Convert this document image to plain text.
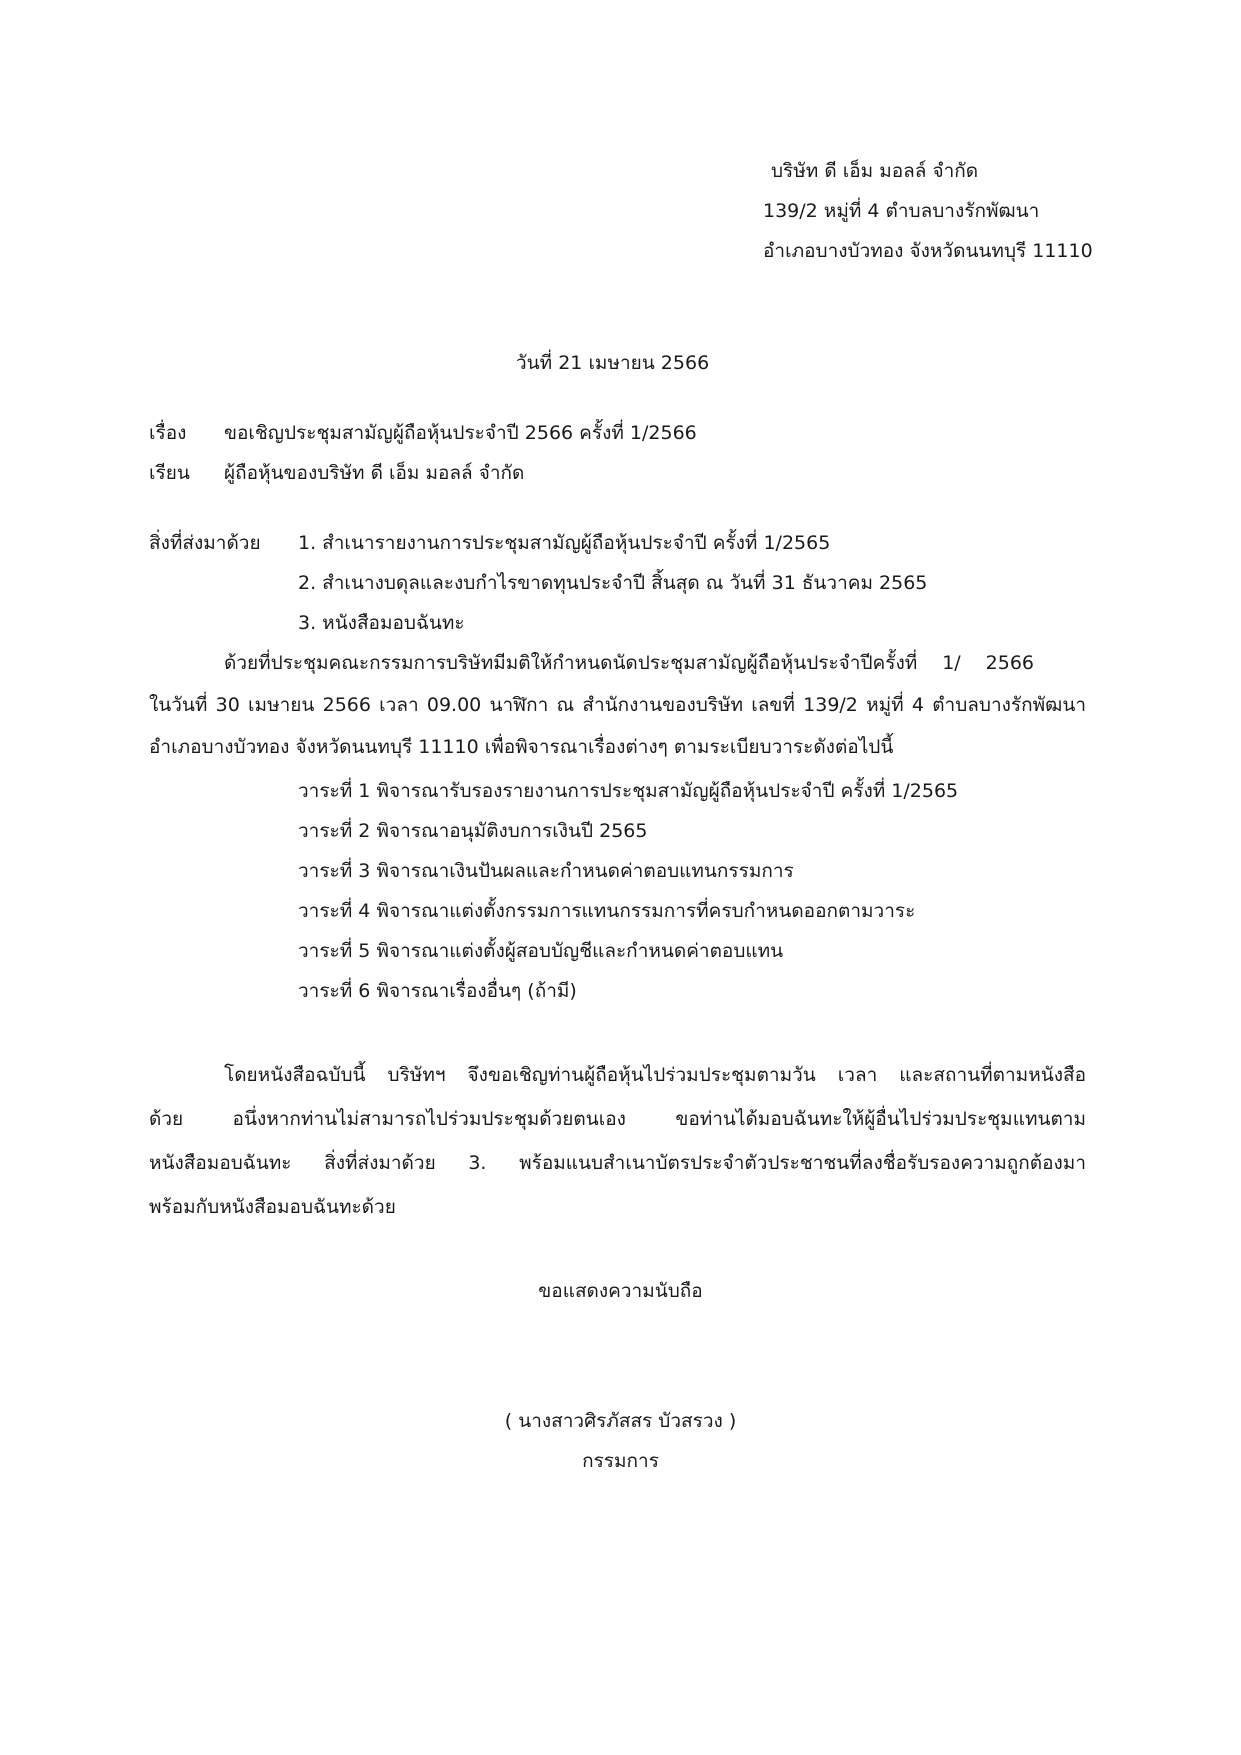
บริษัท ดี เอ็ม มอลล์ จำกัด
139/2 หมู่ที่ 4 ตำบลบางรักพัฒนา
อำเภอบางบัวทอง จังหวัดนนทบุรี 11110
วันที่ 21 เมษายน 2566
เรื่อง ขอเชิญประชุมสามัญผู้ถือหุ้นประจำปี 2566 ครั้งที่ 1/2566
เรียน ผู้ถือหุ้นของบริษัท ดี เอ็ม มอลล์ จำกัด
สิ่งที่ส่งมาด้วย 1. สำเนารายงานการประชุมสามัญผู้ถือหุ้นประจำปี ครั้งที่ 1/2565
2. สำเนางบดุลและงบกำไรขาดทุนประจำปี สิ้นสุด ณ วันที่ 31 ธันวาคม 2565
3. หนังสือมอบฉันทะ
ด้วยที่ประชุมคณะกรรมการบริษัทมีมติให้กำหนดนัดประชุมสามัญผู้ถือหุ้นประจำปีครั้งที่ 1/ 2566
ในวันที่ 30 เมษายน 2566 เวลา 09.00 นาฬิกา ณ สำนักงานของบริษัท เลขที่ 139/2 หมู่ที่ 4 ตำบลบางรักพัฒนา
อำเภอบางบัวทอง จังหวัดนนทบุรี 11110 เพื่อพิจารณาเรื่องต่างๆ ตามระเบียบวาระดังต่อไปนี้
วาระที่ 1 พิจารณารับรองรายงานการประชุมสามัญผู้ถือหุ้นประจำปี ครั้งที่ 1/2565
วาระที่ 2 พิจารณาอนุมัติงบการเงินปี 2565
วาระที่ 3 พิจารณาเงินปันผลและกำหนดค่าตอบแทนกรรมการ
วาระที่ 4 พิจารณาแต่งตั้งกรรมการแทนกรรมการที่ครบกำหนดออกตามวาระ
วาระที่ 5 พิจารณาแต่งตั้งผู้สอบบัญชีและกำหนดค่าตอบแทน
วาระที่ 6 พิจารณาเรื่องอื่นๆ (ถ้ามี)
โดยหนังสือฉบับนี้ บริษัทฯ จึงขอเชิญท่านผู้ถือหุ้นไปร่วมประชุมตามวัน เวลา และสถานที่ตามหนังสือ
ด้วย อนึ่งหากท่านไม่สามารถไปร่วมประชุมด้วยตนเอง ขอท่านได้มอบฉันทะให้ผู้อื่นไปร่วมประชุมแทนตาม
หนังสือมอบฉันทะ สิ่งที่ส่งมาด้วย 3. พร้อมแนบสำเนาบัตรประจำตัวประชาชนที่ลงชื่อรับรองความถูกต้องมา
พร้อมกับหนังสือมอบฉันทะด้วย
ขอแสดงความนับถือ
( นางสาวศิรภัสสร บัวสรวง )
กรรมการ
